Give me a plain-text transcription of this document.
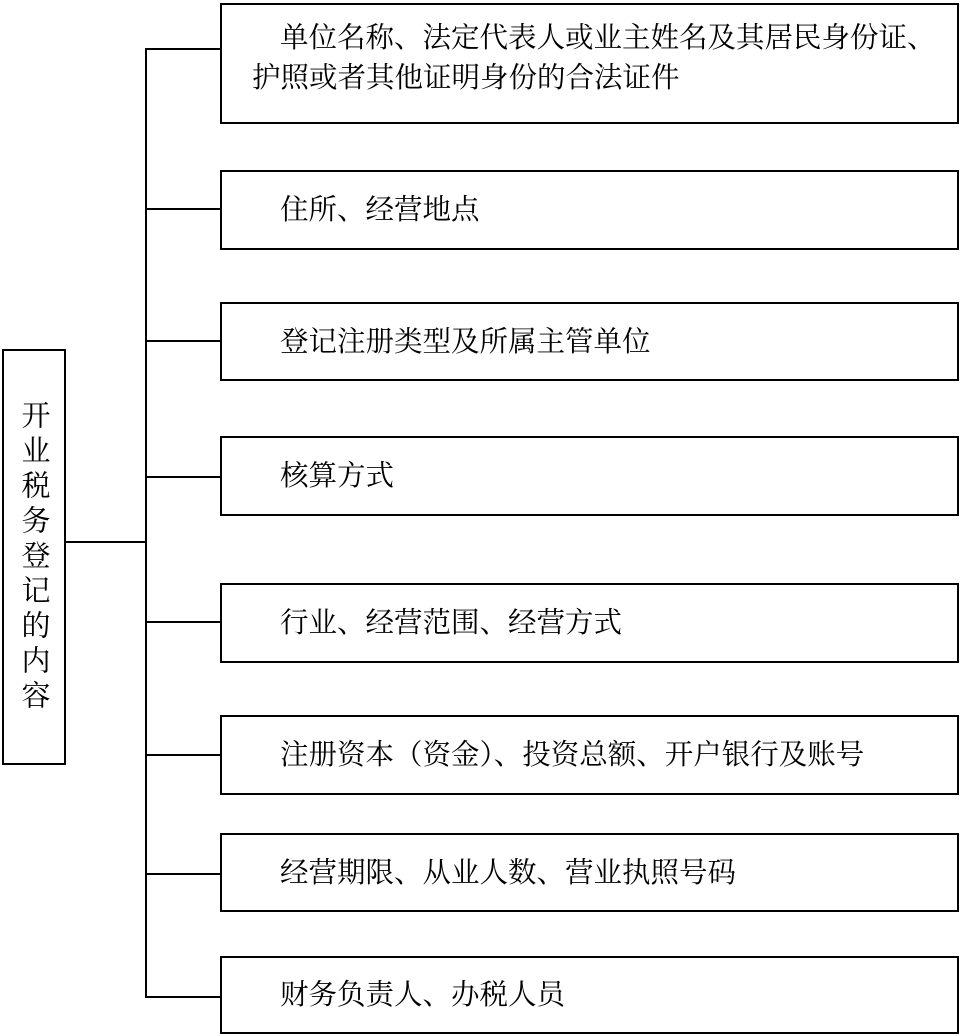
开业税务登记的内容
单位名称、法定代表人或业主姓名及其居民身份证、护照或者其他证明身份的合法证件
住所、经营地点
登记注册类型及所属主管单位
核算方式
行业、经营范围、经营方式
注册资本（资金）、投资总额、开户银行及账号
经营期限、从业人数、营业执照号码
财务负责人、办税人员
